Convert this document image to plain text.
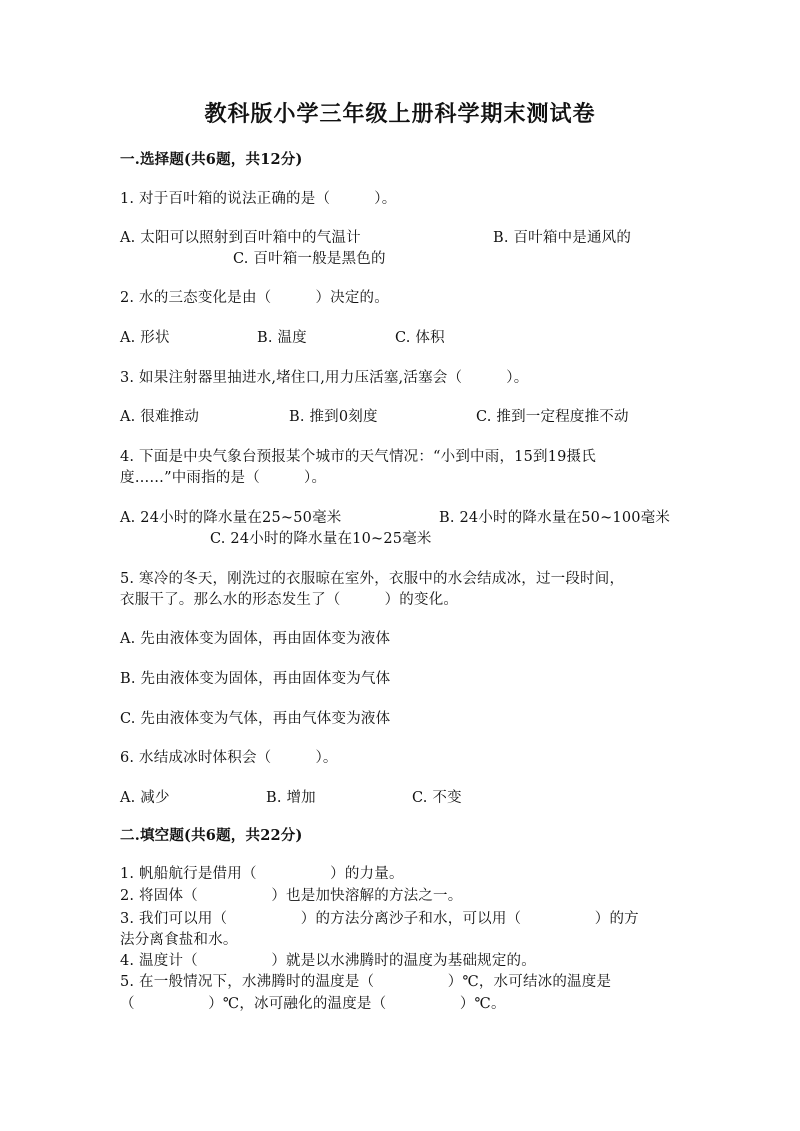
教科版小学三年级上册科学期末测试卷
一.选择题(共6题，共12分)
1. 对于百叶箱的说法正确的是（　　　）。
A. 太阳可以照射到百叶箱中的气温计	B. 百叶箱中是通风的
C. 百叶箱一般是黑色的
2. 水的三态变化是由（　　　）决定的。
A. 形状	B. 温度	C. 体积
3. 如果注射器里抽进水,堵住口,用力压活塞,活塞会（　　　）。
A. 很难推动	B. 推到0刻度	C. 推到一定程度推不动
4. 下面是中央气象台预报某个城市的天气情况：“小到中雨，15到19摄氏
度……”中雨指的是（　　　）。
A. 24小时的降水量在25~50毫米	B. 24小时的降水量在50~100毫米
C. 24小时的降水量在10~25毫米
5. 寒冷的冬天，刚洗过的衣服晾在室外，衣服中的水会结成冰，过一段时间，
衣服干了。那么水的形态发生了（　　　）的变化。
A. 先由液体变为固体，再由固体变为液体
B. 先由液体变为固体，再由固体变为气体
C. 先由液体变为气体，再由气体变为液体
6. 水结成冰时体积会（　　　）。
A. 减少	B. 增加	C. 不变
二.填空题(共6题，共22分)
1. 帆船航行是借用（　　　　　）的力量。
2. 将固体（　　　　　）也是加快溶解的方法之一。
3. 我们可以用（　　　　　）的方法分离沙子和水，可以用（　　　　　）的方
法分离食盐和水。
4. 温度计（　　　　　）就是以水沸腾时的温度为基础规定的。
5. 在一般情况下，水沸腾时的温度是（　　　　　）℃，水可结冰的温度是
（　　　　　）℃，冰可融化的温度是（　　　　　）℃。
